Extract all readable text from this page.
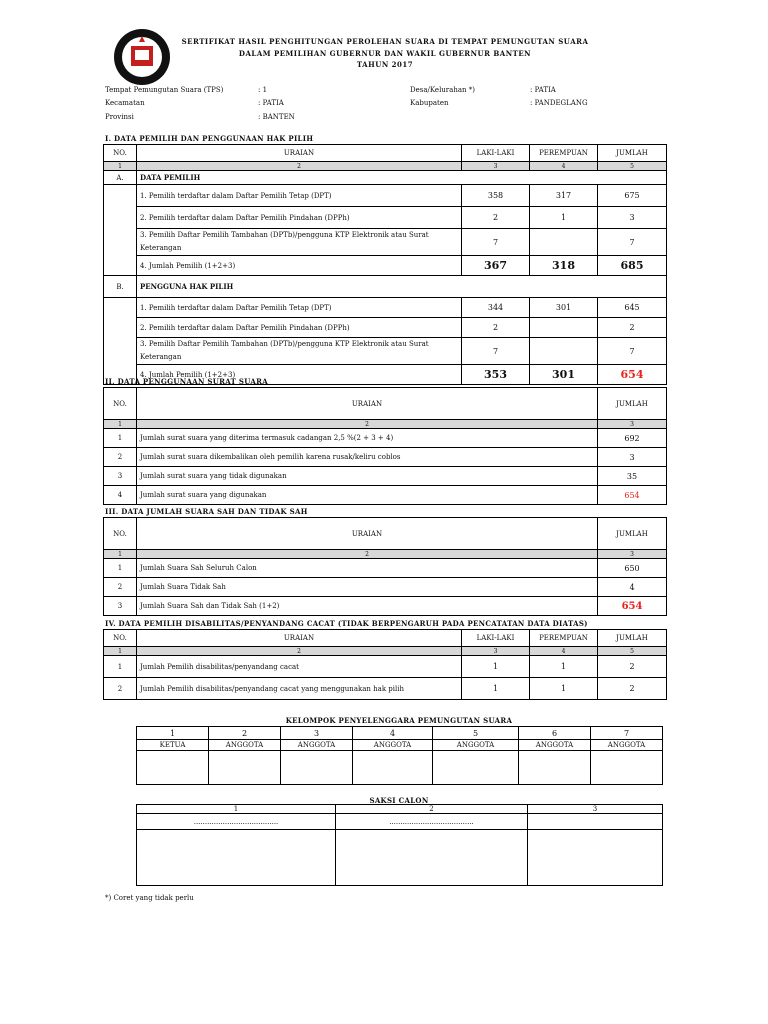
SERTIFIKAT HASIL PENGHITUNGAN PEROLEHAN SUARA DI TEMPAT PEMUNGUTAN SUARA
DALAM PEMILIHAN GUBERNUR DAN WAKIL GUBERNUR BANTEN
TAHUN 2017
Tempat Pemungutan Suara (TPS)	: 1	Desa/Kelurahan *)	: PATIA
Kecamatan	: PATIA	Kabupaten	: PANDEGLANG
Provinsi	: BANTEN
I. DATA PEMILIH DAN PENGGUNAAN HAK PILIH
NO.	URAIAN	LAKI-LAKI	PEREMPUAN	JUMLAH
1	2	3	4	5
A.	DATA PEMILIH			
	1. Pemilih terdaftar dalam Daftar Pemilih Tetap (DPT)	358	317	675
	2. Pemilih terdaftar dalam Daftar Pemilih Pindahan (DPPh)	2	1	3
	3. Pemilih Daftar Pemilih Tambahan (DPTb)/pengguna KTP Elektronik atau Surat Keterangan	7		7
	4. Jumlah Pemilih (1+2+3)	367	318	685
B.	PENGGUNA HAK PILIH			
	1. Pemilih terdaftar dalam Daftar Pemilih Tetap (DPT)	344	301	645
	2. Pemilih terdaftar dalam Daftar Pemilih Pindahan (DPPh)	2		2
	3. Pemilih Daftar Pemilih Tambahan (DPTb)/pengguna KTP Elektronik atau Surat Keterangan	7		7
	4. Jumlah Pemilih (1+2+3)	353	301	654
II. DATA PENGGUNAAN SURAT SUARA
NO.	URAIAN	JUMLAH
1	2	3
1	Jumlah surat suara yang diterima termasuk cadangan 2,5 %(2 + 3 + 4)	692
2	Jumlah surat suara dikembalikan oleh pemilih karena rusak/keliru coblos	3
3	Jumlah surat suara yang tidak digunakan	35
4	Jumlah surat suara yang digunakan	654
III. DATA JUMLAH SUARA SAH DAN TIDAK SAH
NO.	URAIAN	JUMLAH
1	2	3
1	Jumlah Suara Sah Seluruh Calon	650
2	Jumlah Suara Tidak Sah	4
3	Jumlah Suara Sah dan Tidak Sah (1+2)	654
IV. DATA PEMILIH DISABILITAS/PENYANDANG CACAT (TIDAK BERPENGARUH PADA PENCATATAN DATA DIATAS)
NO.	URAIAN	LAKI-LAKI	PEREMPUAN	JUMLAH
1	2	3	4	5
1	Jumlah Pemilih disabilitas/penyandang cacat	1	1	2
2	Jumlah Pemilih disabilitas/penyandang cacat yang menggunakan hak pilih	1	1	2
KELOMPOK PENYELENGGARA PEMUNGUTAN SUARA
1	2	3	4	5	6	7
KETUA	ANGGOTA	ANGGOTA	ANGGOTA	ANGGOTA	ANGGOTA	ANGGOTA

SAKSI CALON
1	2	3
......................................	......................................	

*) Coret yang tidak perlu
